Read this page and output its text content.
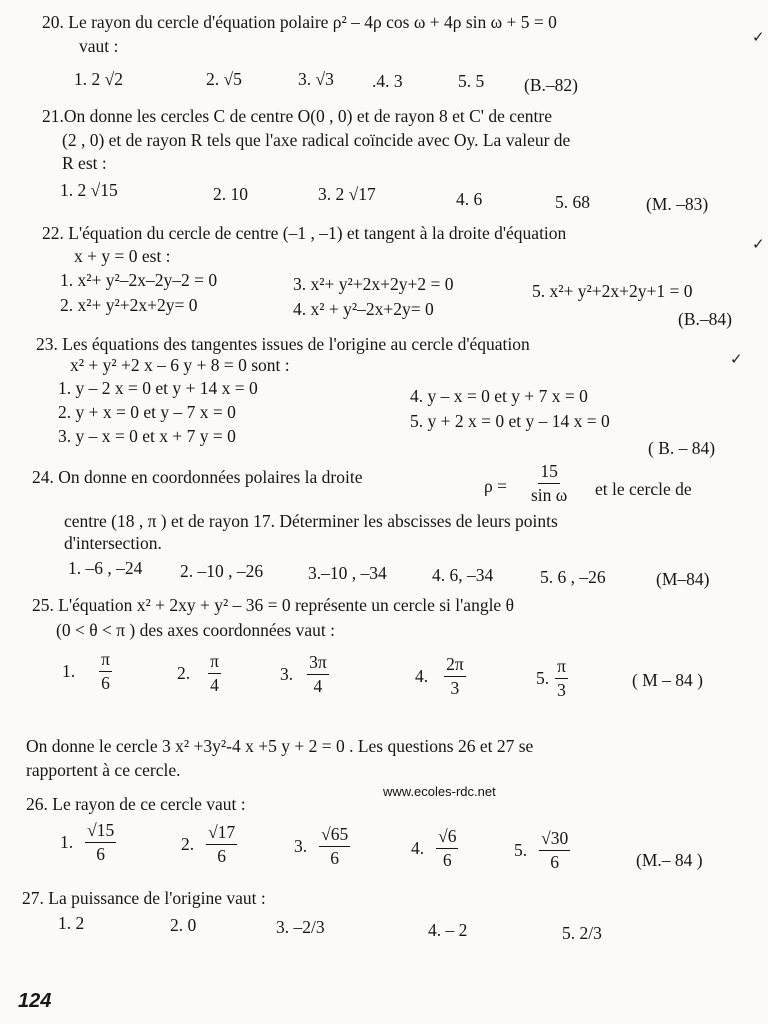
20. Le rayon du cercle d'équation polaire ρ² – 4ρ cos ω + 4ρ sin ω + 5 = 0
vaut :	✓
1. 2 √2	2. √5	3. √3 .4. 3	5. 5 (B.–82)
21.On donne les cercles C de centre O(0 , 0) et de rayon 8 et C' de centre
(2 , 0) et de rayon R tels que l'axe radical coïncide avec Oy. La valeur de
R est :
1. 2 √15	2. 10	3. 2 √17	4. 6	5. 68	(M. –83)
22. L'équation du cercle de centre (–1 , –1) et tangent à la droite d'équation
✓
x + y = 0 est :
1. x²+ y²–2x–2y–2 = 0
2. x²+ y²+2x+2y= 0
3. x²+ y²+2x+2y+2 = 0
4. x² + y²–2x+2y= 0
5. x²+ y²+2x+2y+1 = 0
(B.–84)
23. Les équations des tangentes issues de l'origine au cercle d'équation
✓
x² + y² +2 x – 6 y + 8 = 0 sont :
1. y – 2 x = 0 et y + 14 x = 0
2. y + x = 0 et y – 7 x = 0
3. y – x = 0 et x + 7 y = 0
4. y – x = 0 et y + 7 x = 0
5. y + 2 x = 0 et y – 14 x = 0
( B. – 84)
24. On donne en coordonnées polaires la droite	$\rho = \frac{15}{\text{sin ω}}$ et le cercle de
centre (18 , π ) et de rayon 17. Déterminer les abscisses de leurs points
d'intersection.
1. –6 , –24 2. –10 , –26	3.–10 , –34	4. 6, –34	5. 6 , –26	(M–84)
25. L'équation x² + 2xy + y² – 36 = 0 représente un cercle si l'angle θ
(0 < θ < π ) des axes coordonnées vaut :
1. $\frac{\pi}{6}$	2. $\frac{\pi}{4}$	3. $\frac{3\pi}{4}$	4. $\frac{2\pi}{3}$	5. $\frac{\pi}{3}$	( M – 84 )
On donne le cercle 3 x² +3y²-4 x +5 y + 2 = 0 . Les questions 26 et 27 se
rapportent à ce cercle.
www.ecoles-rdc.net
26. Le rayon de ce cercle vaut :
1. $\frac{√15}{6}$	2. $\frac{√17}{6}$	3. $\frac{√65}{6}$	4. $\frac{√6}{6}$	5. $\frac{√30}{6}$	(M.– 84 )
27. La puissance de l'origine vaut :
1. 2	2. 0	3. –2/3	4. – 2	5. 2/3
124
